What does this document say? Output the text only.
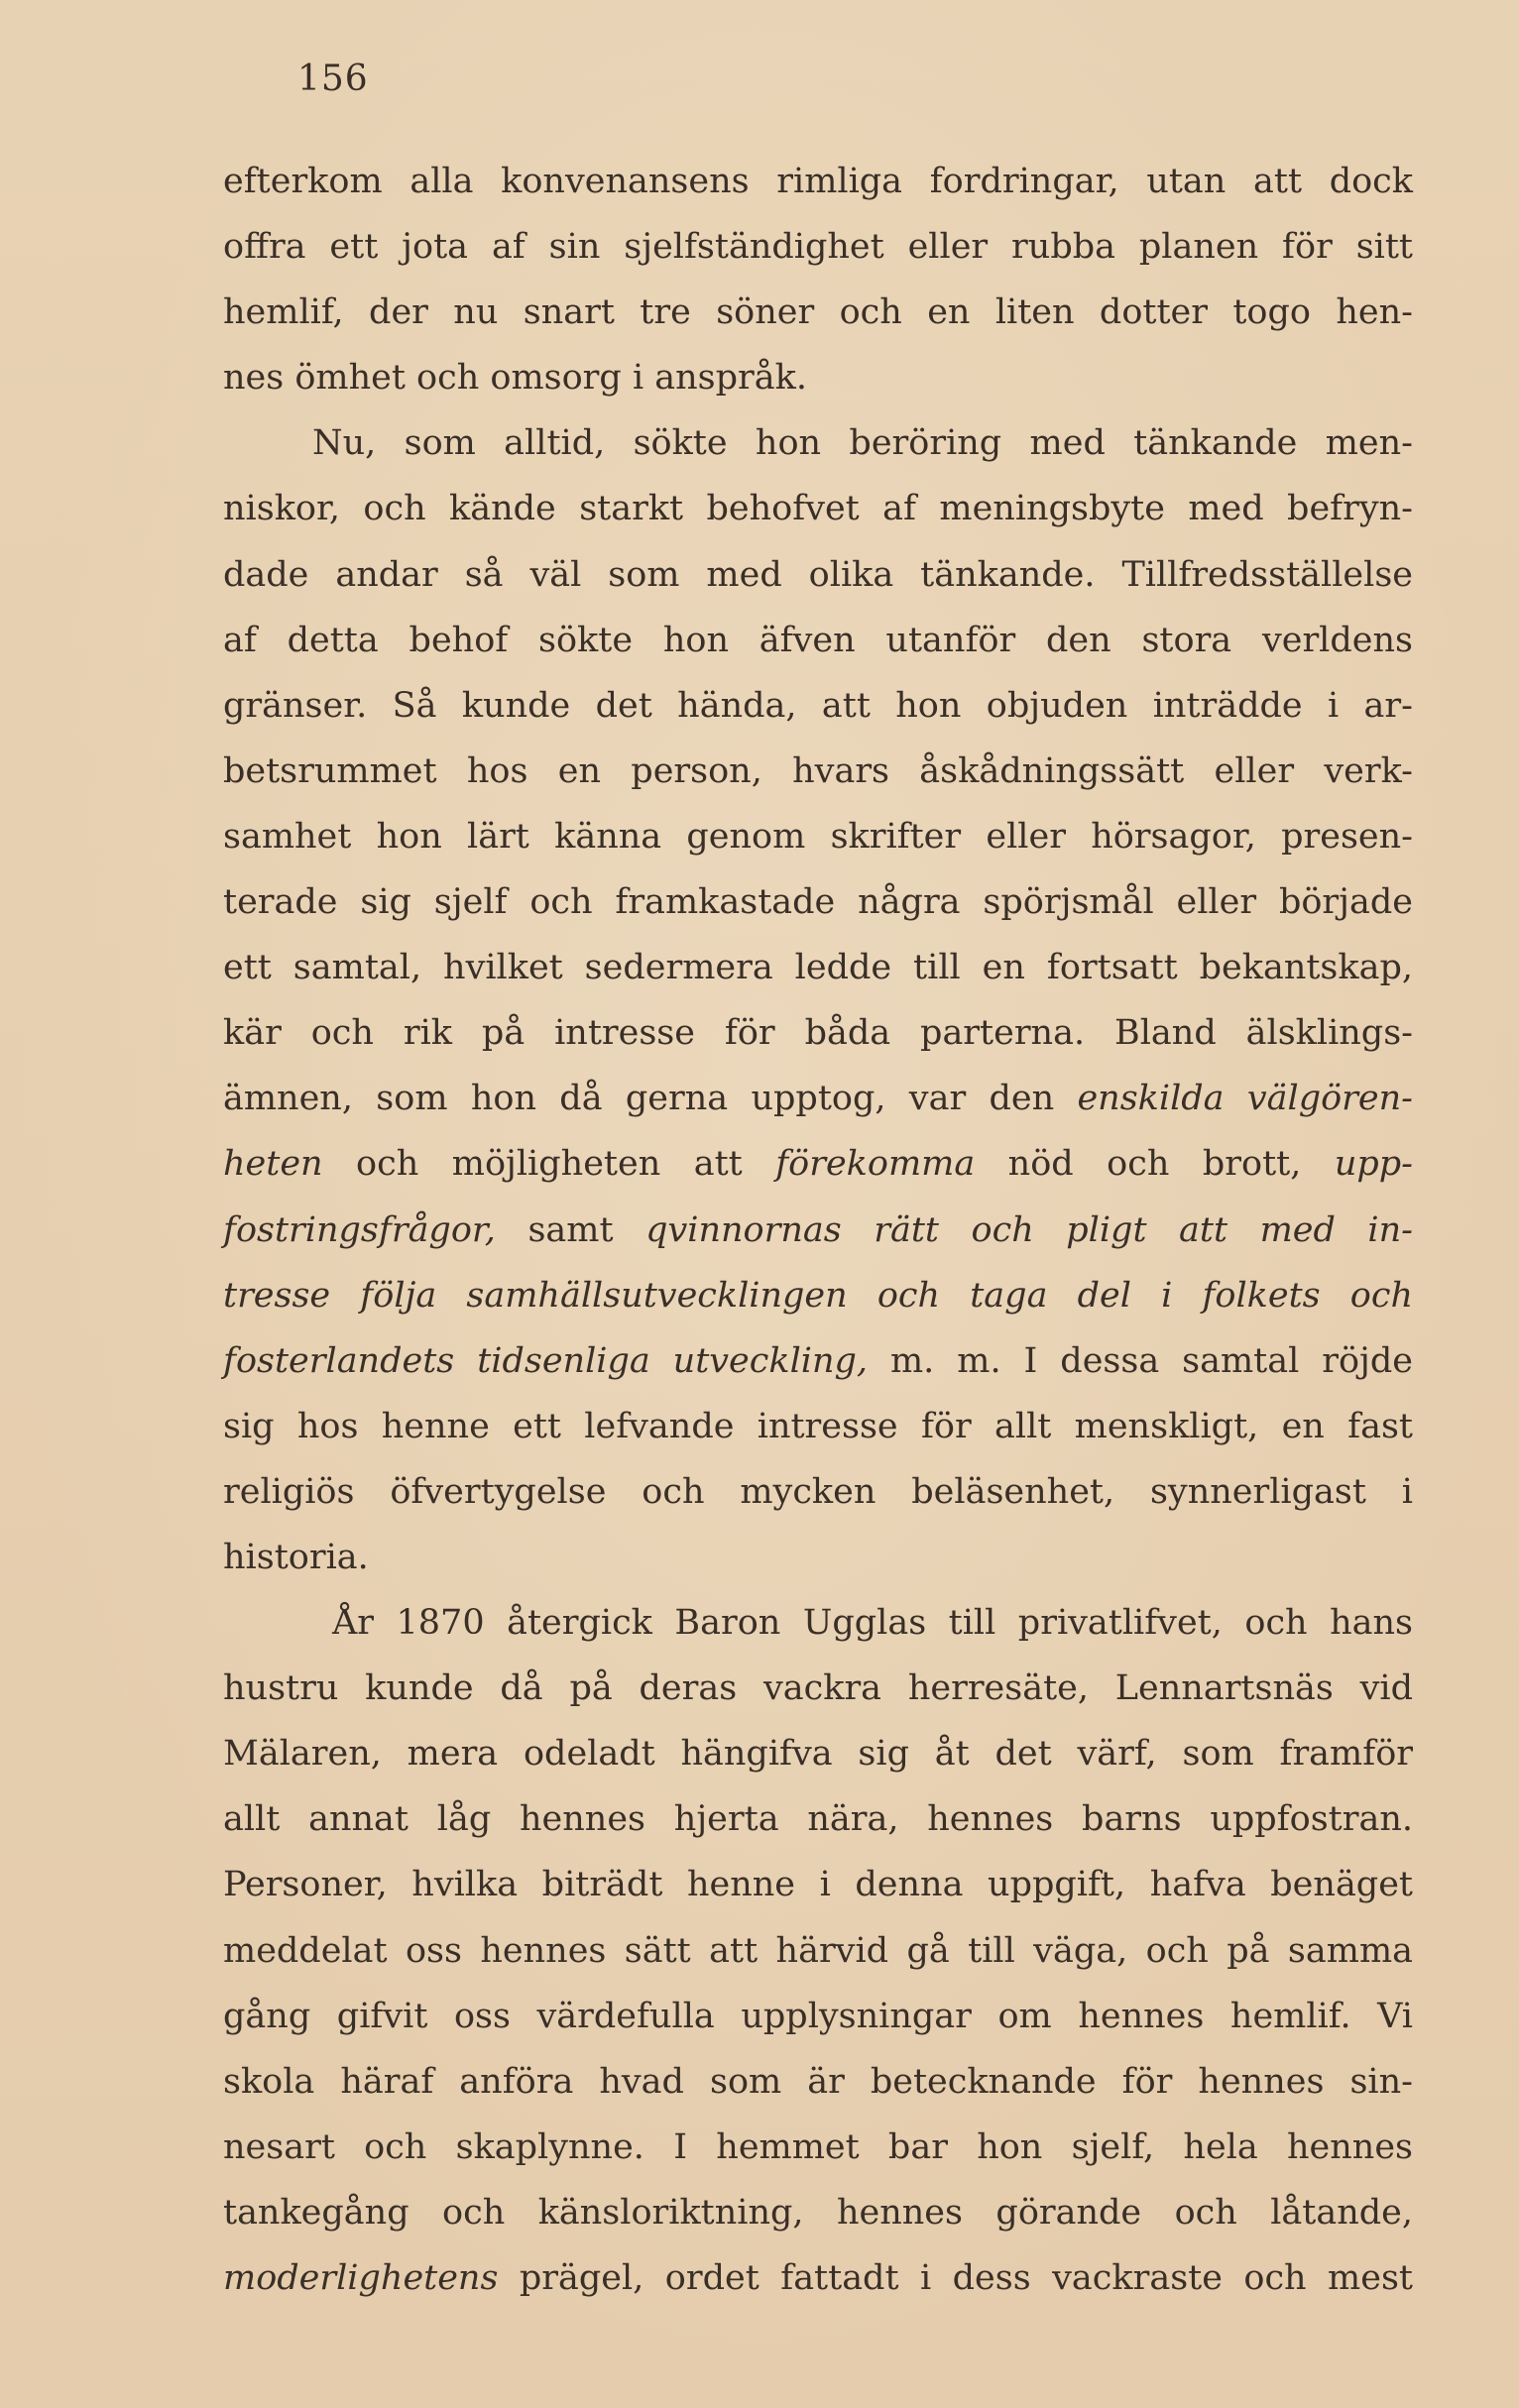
156
efterkom alla konvenansens rimliga fordringar, utan att dock
offra ett jota af sin sjelfständighet eller rubba planen för sitt
hemlif, der nu snart tre söner och en liten dotter togo hen-
nes ömhet och omsorg i anspråk.
Nu, som alltid, sökte hon beröring med tänkande men-
niskor, och kände starkt behofvet af meningsbyte med befryn-
dade andar så väl som med olika tänkande. Tillfredsställelse
af detta behof sökte hon äfven utanför den stora verldens
gränser. Så kunde det hända, att hon objuden inträdde i ar-
betsrummet hos en person, hvars åskådningssätt eller verk-
samhet hon lärt känna genom skrifter eller hörsagor, presen-
terade sig sjelf och framkastade några spörjsmål eller började
ett samtal, hvilket sedermera ledde till en fortsatt bekantskap,
kär och rik på intresse för båda parterna. Bland älsklings-
ämnen, som hon då gerna upptog, var den enskilda välgören-
heten och möjligheten att förekomma nöd och brott, upp-
fostringsfrågor, samt qvinnornas rätt och pligt att med in-
tresse följa samhällsutvecklingen och taga del i folkets och
fosterlandets tidsenliga utveckling, m. m. I dessa samtal röjde
sig hos henne ett lefvande intresse för allt menskligt, en fast
religiös öfvertygelse och mycken beläsenhet, synnerligast i
historia.
År 1870 återgick Baron Ugglas till privatlifvet, och hans
hustru kunde då på deras vackra herresäte, Lennartsnäs vid
Mälaren, mera odeladt hängifva sig åt det värf, som framför
allt annat låg hennes hjerta nära, hennes barns uppfostran.
Personer, hvilka biträdt henne i denna uppgift, hafva benäget
meddelat oss hennes sätt att härvid gå till väga, och på samma
gång gifvit oss värdefulla upplysningar om hennes hemlif. Vi
skola häraf anföra hvad som är betecknande för hennes sin-
nesart och skaplynne. I hemmet bar hon sjelf, hela hennes
tankegång och känsloriktning, hennes görande och låtande,
moderlighetens prägel, ordet fattadt i dess vackraste och mest
